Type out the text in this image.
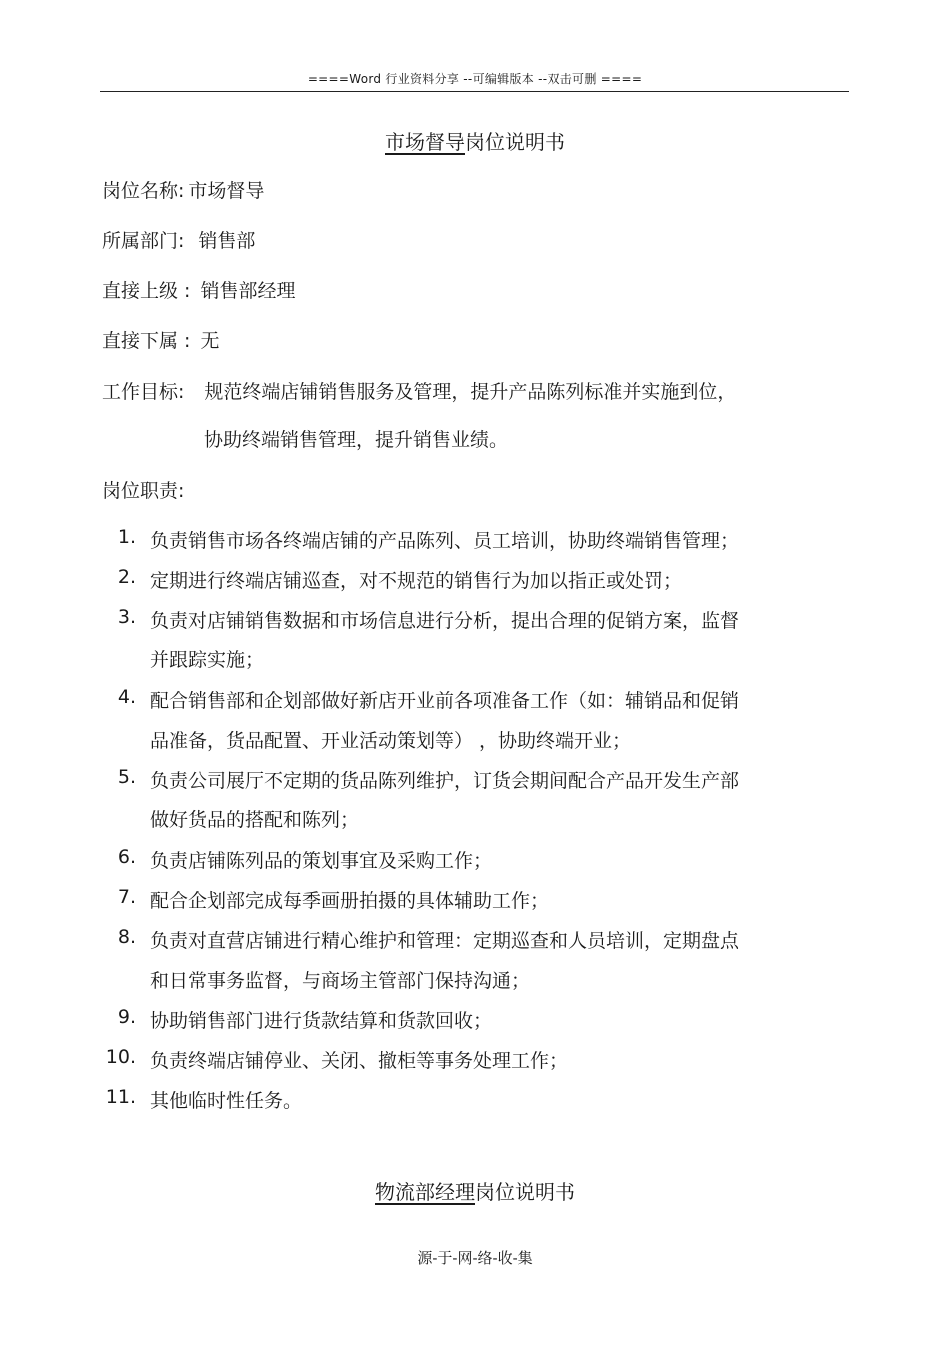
====Word 行业资料分享 --可编辑版本 --双击可删 ====
市场督导岗位说明书
岗位名称: 市场督导
所属部门: 销售部
直接上级 : 销售部经理
直接下属 : 无
工作目标: 规范终端店铺销售服务及管理，提升产品陈列标准并实施到位，
协助终端销售管理，提升销售业绩。
岗位职责:
1. 负责销售市场各终端店铺的产品陈列、员工培训，协助终端销售管理；
2. 定期进行终端店铺巡查，对不规范的销售行为加以指正或处罚；
3. 负责对店铺销售数据和市场信息进行分析，提出合理的促销方案，监督
并跟踪实施；
4. 配合销售部和企划部做好新店开业前各项准备工作（如：辅销品和促销
品准备，货品配置、开业活动策划等） ，协助终端开业；
5. 负责公司展厅不定期的货品陈列维护，订货会期间配合产品开发生产部
做好货品的搭配和陈列；
6. 负责店铺陈列品的策划事宜及采购工作；
7. 配合企划部完成每季画册拍摄的具体辅助工作；
8. 负责对直营店铺进行精心维护和管理：定期巡查和人员培训，定期盘点
和日常事务监督，与商场主管部门保持沟通；
9. 协助销售部门进行货款结算和货款回收；
10. 负责终端店铺停业、关闭、撤柜等事务处理工作；
11. 其他临时性任务。
物流部经理岗位说明书
源-于-网-络-收-集
